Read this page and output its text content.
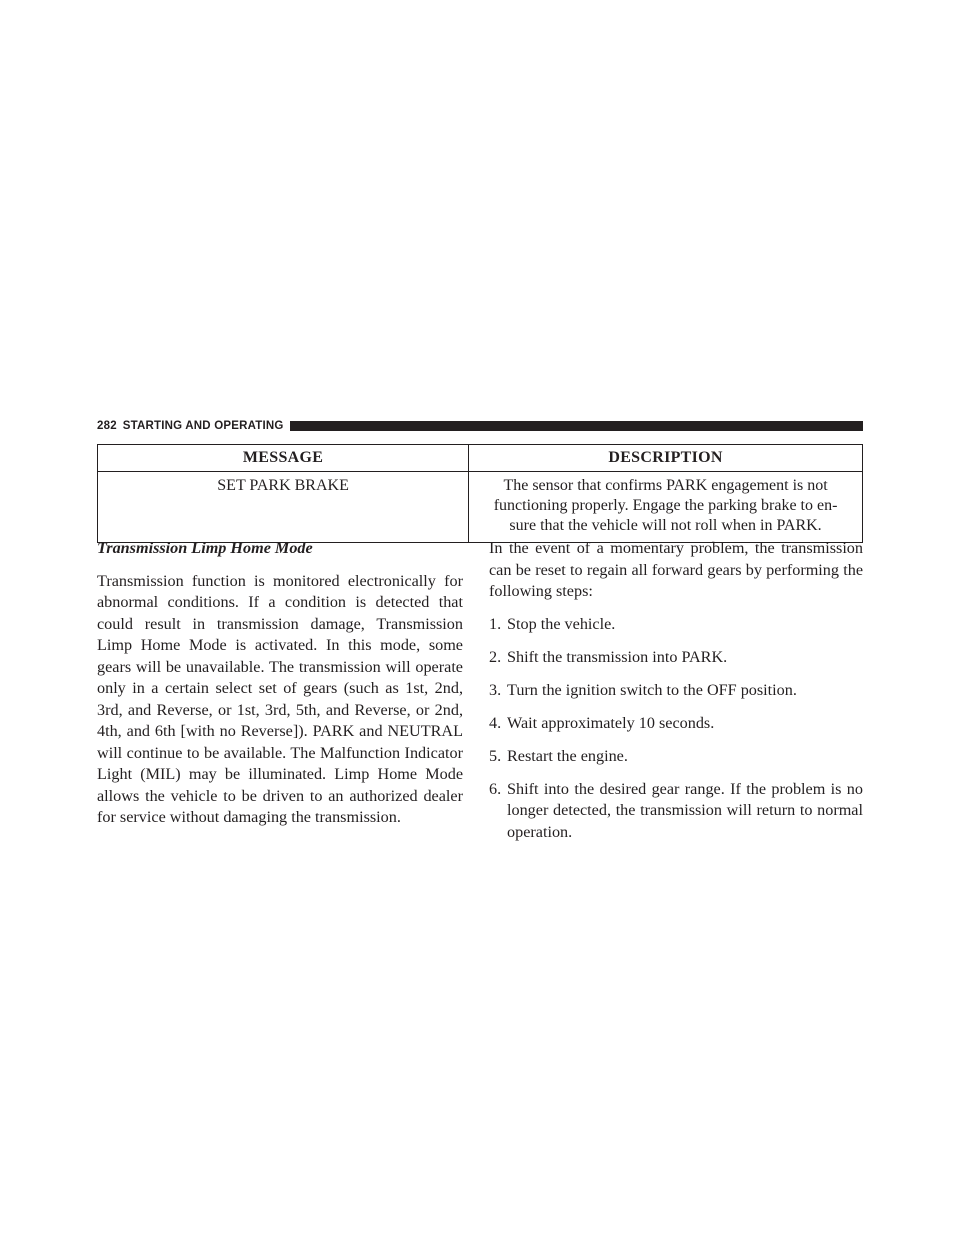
282 STARTING AND OPERATING
MESSAGE	DESCRIPTION
SET PARK BRAKE	The sensor that confirms PARK engagement is not
functioning properly. Engage the parking brake to en-
sure that the vehicle will not roll when in PARK.

Transmission Limp Home Mode

Transmission function is monitored electronically for abnormal conditions. If a condition is detected that could result in transmission damage, Transmission Limp Home Mode is activated. In this mode, some gears will be unavailable. The transmission will operate only in a certain select set of gears (such as 1st, 2nd, 3rd, and Reverse, or 1st, 3rd, 5th, and Reverse, or 2nd, 4th, and 6th [with no Reverse]). PARK and NEUTRAL will continue to be available. The Malfunction Indicator Light (MIL) may be illuminated. Limp Home Mode allows the vehicle to be driven to an authorized dealer for service without damaging the transmission.

In the event of a momentary problem, the transmission can be reset to regain all forward gears by performing the following steps:

1. Stop the vehicle.
2. Shift the transmission into PARK.
3. Turn the ignition switch to the OFF position.
4. Wait approximately 10 seconds.
5. Restart the engine.
6. Shift into the desired gear range. If the problem is no longer detected, the transmission will return to normal operation.
